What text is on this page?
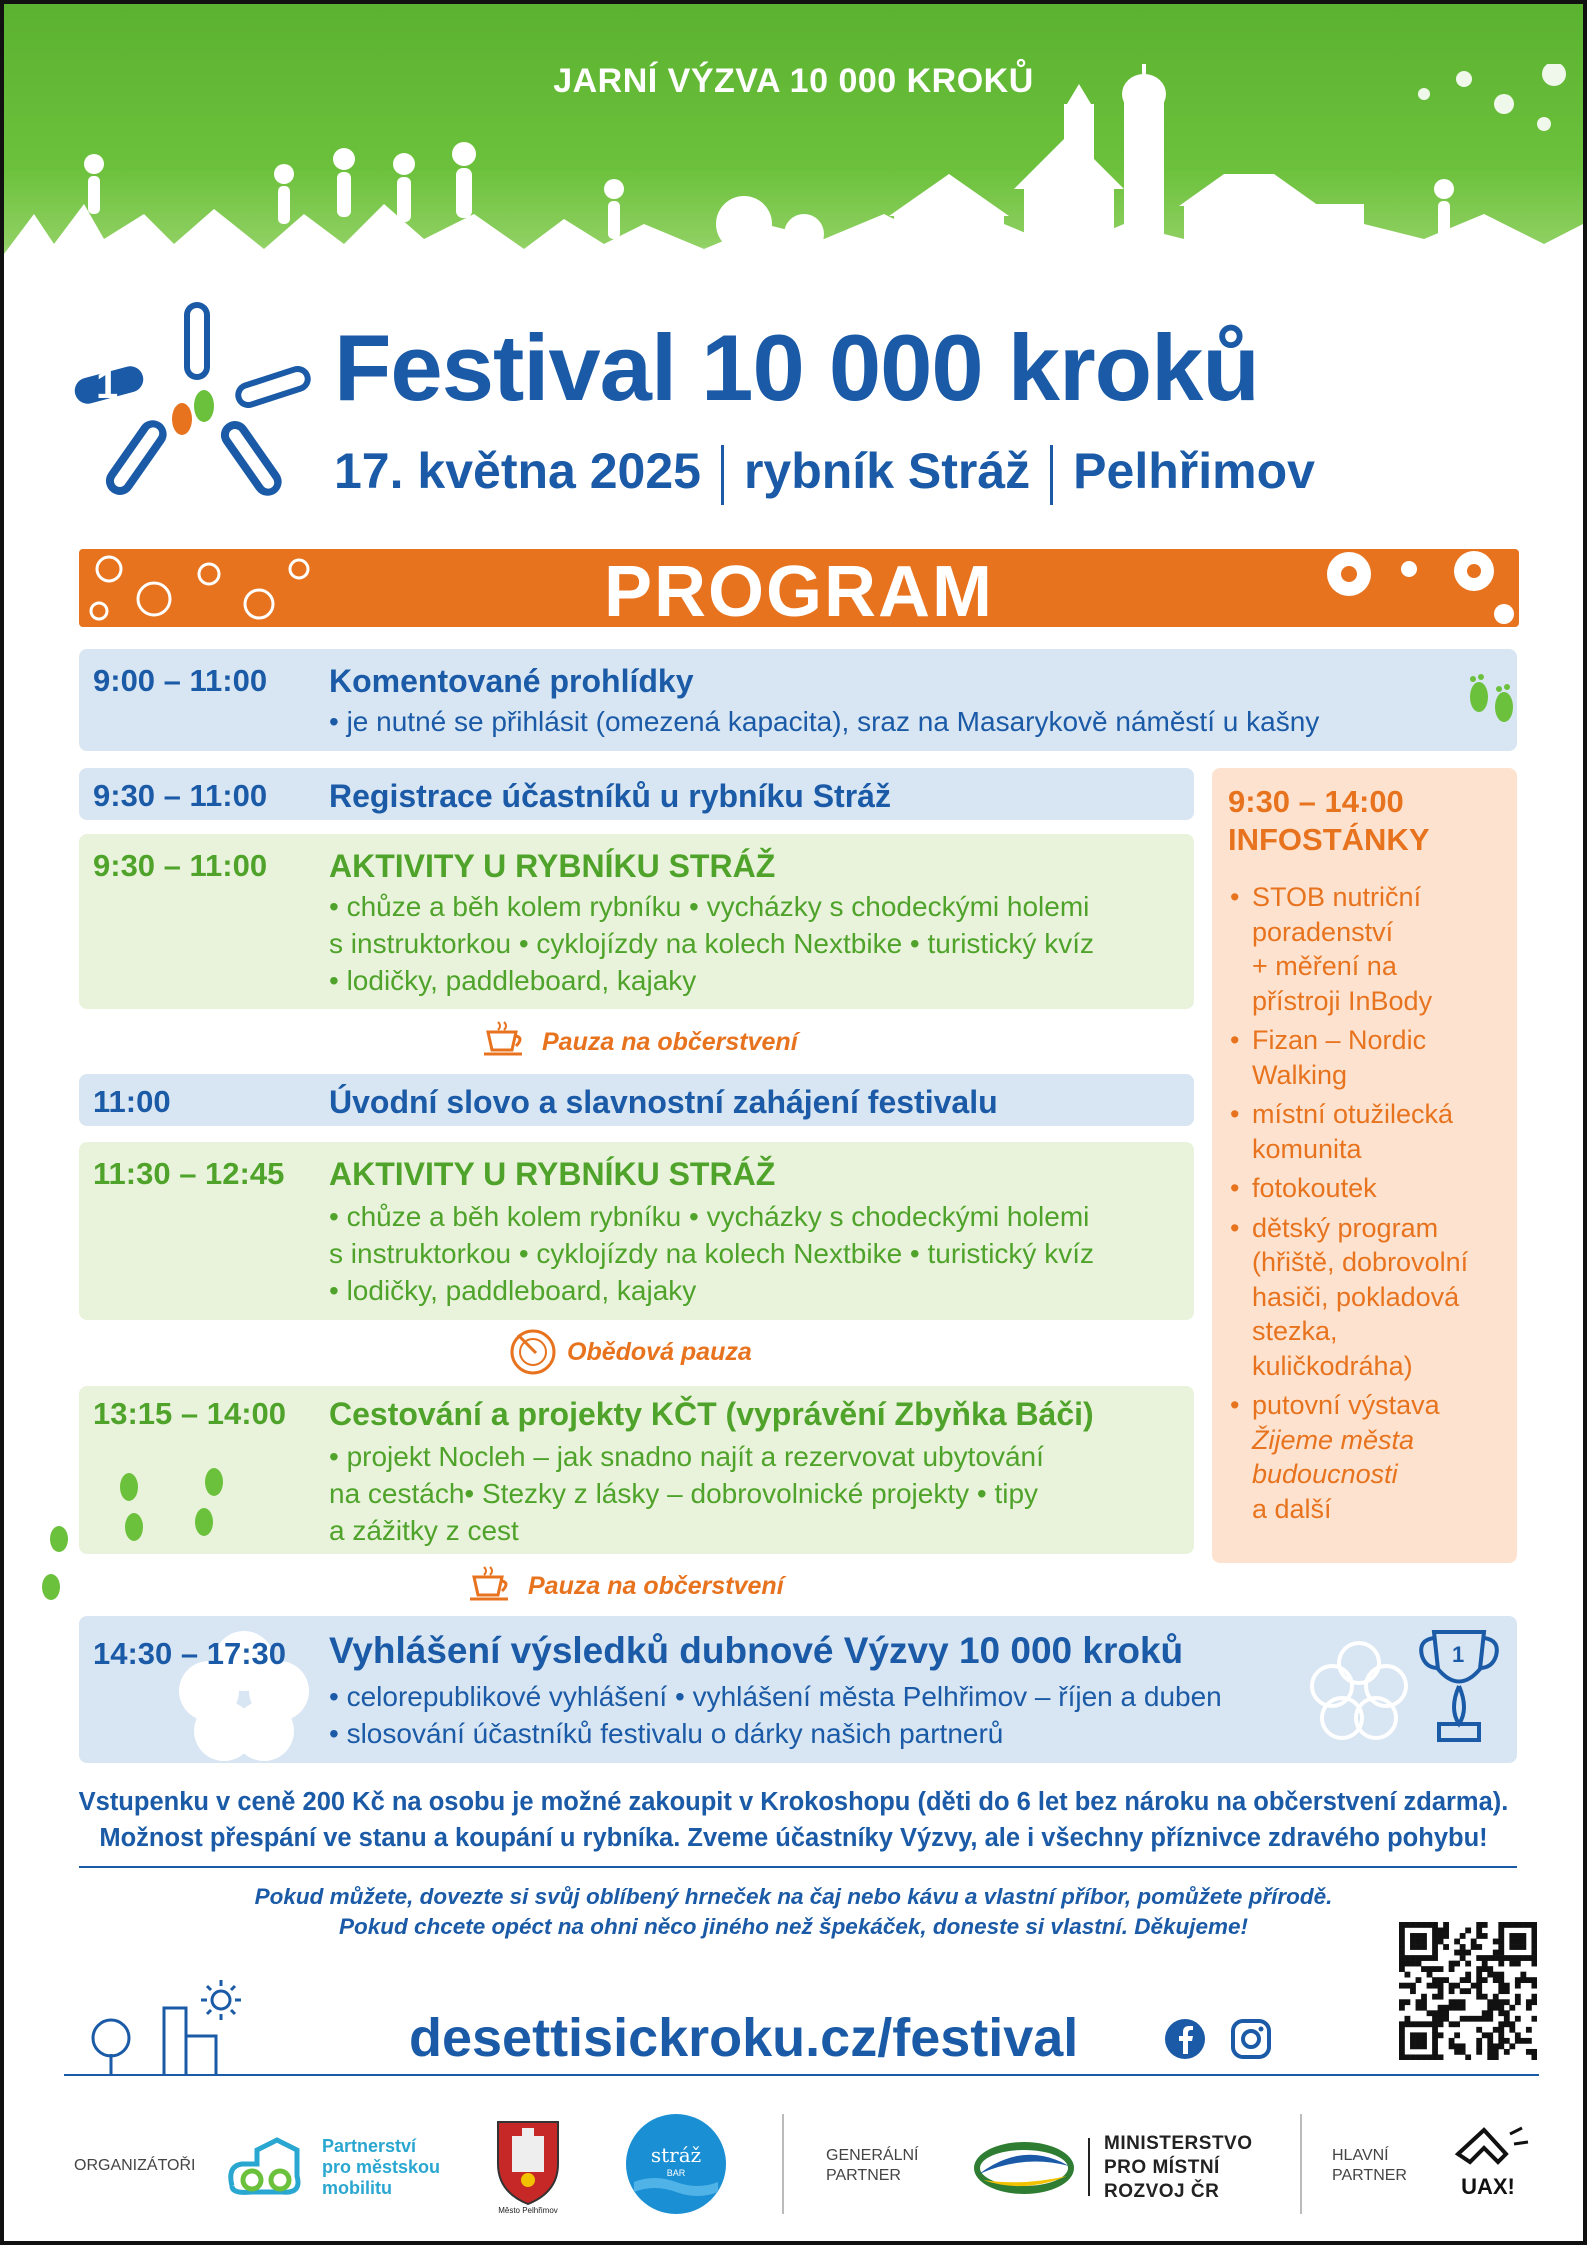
JARNÍ VÝZVA 10 000 KROKŮ
1 Festival 10 000 kroků
17. května 2025 rybník Stráž Pelhřimov
PROGRAM
9:00 – 11:00 Komentované prohlídky
• je nutné se přihlásit (omezená kapacita), sraz na Masarykově náměstí u kašny
9:30 – 11:00 Registrace účastníků u rybníku Stráž
9:30 – 11:00 AKTIVITY U RYBNÍKU STRÁŽ
• chůze a běh kolem rybníku • vycházky s chodeckými holemi
s instruktorkou • cyklojízdy na kolech Nextbike • turistický kvíz
• lodičky, paddleboard, kajaky
Pauza na občerstvení
11:00	Úvodní slovo a slavnostní zahájení festivalu
11:30 – 12:45 AKTIVITY U RYBNÍKU STRÁŽ
• chůze a běh kolem rybníku • vycházky s chodeckými holemi
s instruktorkou • cyklojízdy na kolech Nextbike • turistický kvíz
• lodičky, paddleboard, kajaky
Obědová pauza
13:15 – 14:00 Cestování a projekty KČT (vyprávění Zbyňka Báči)
• projekt Nocleh – jak snadno najít a rezervovat ubytování
na cestách• Stezky z lásky – dobrovolnické projekty • tipy
a zážitky z cest
Pauza na občerstvení
14:30 – 17:30 Vyhlášení výsledků dubnové Výzvy 10 000 kroků
• celorepublikové vyhlášení • vyhlášení města Pelhřimov – říjen a duben
• slosování účastníků festivalu o dárky našich partnerů
1
9:30 – 14:00
INFOSTÁNKY
• STOB nutriční
poradenství
+ měření na
přístroji InBody
• Fizan – Nordic
Walking
• místní otužilecká
komunita
• fotokoutek
• dětský program
(hřiště, dobrovolní
hasiči, pokladová
stezka,
kuličkodráha)
• putovní výstava
Žijeme města
budoucnosti
a další
Vstupenku v ceně 200 Kč na osobu je možné zakoupit v Krokoshopu (děti do 6 let bez nároku na občerstvení zdarma).
Možnost přespání ve stanu a koupání u rybníka. Zveme účastníky Výzvy, ale i všechny příznivce zdravého pohybu!
Pokud můžete, dovezte si svůj oblíbený hrneček na čaj nebo kávu a vlastní příbor, pomůžete přírodě.
Pokud chcete opéct na ohni něco jiného než špekáček, doneste si vlastní. Děkujeme!
desettisickroku.cz/festival
ORGANIZÁTOŘI
Partnerství
pro městskou
mobilitu
Město Pelhřimov
stráž
BAR
GENERÁLNÍ
PARTNER
MINISTERSTVO
PRO MÍSTNÍ
ROZVOJ ČR
HLAVNÍ
PARTNER UAX!
